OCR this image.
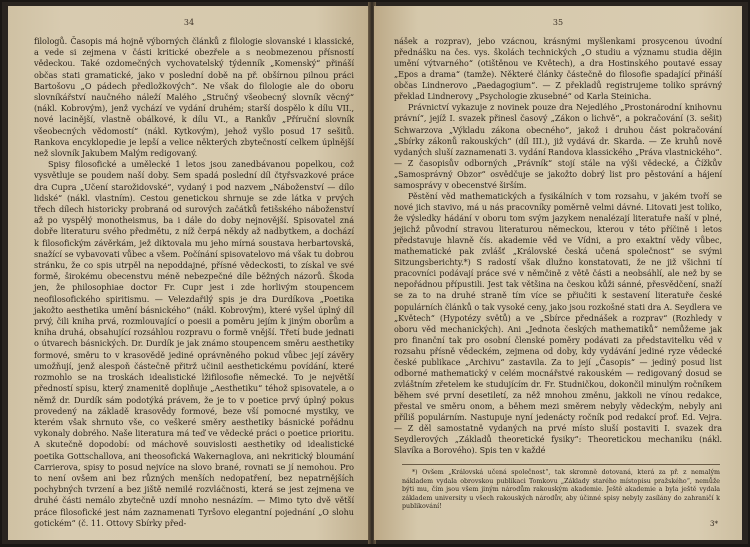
34

filologů. Časopis má hojně výborných článků z filologie slovanské i klassické, a vede si zejmena v části kritické obezřele a s neobmezenou přísností vědeckou. Také ozdomečných vychovatelský týdenník „Komenský“ přináší občas stati gramatické, jako v poslední době na př. obšírnou pilnou práci Bartošovu „O pádech předložkových“. Ne však do filologie ale do oboru slovníkářství naučného náleží Malého „Stručný všeobecný slovník věcný“ (nákl. Kobrovým), jenž vychází ve vydání druhém; starší dospělo k dílu VII., nové lacinější, vlastně obálkové, k dílu VI., a Rankův „Příruční slovník všeobecných vědomostí“ (nákl. Kytkovým), jehož vyšlo posud 17 sešitů. Rankova encyklopedie je lepší a velice některých zbytečností celkem úplnější než slovník Jakubem Malým redigovaný.

Spisy filosofické a umělecké 1 letos jsou zanedbávanou popelkou, což vysvětluje se poudem naší doby. Sem spadá poslední díl čtyřsvazkové práce dra Cupra „Učení starožidovské“, vydaný i pod nazvem „Náboženství — dílo lidské“ (nákl. vlastním). Cestou genetickou shrnuje se zde látka v prvých třech dílech historicky probraná od surových začátků fetišského náboženství až po vyspělý monotheismus, ba i dále do doby nejnovější. Spisovatel zná dobře literaturu svého předmětu, z níž čerpá někdy až nadbytkem, a dochází k filosofickým závěrkám, jež diktovala mu jeho mírná soustava herbartovská, snažící se vybavovati vůbec a všem. Počínání spisovatelovo má však tu dobrou stránku, že co spis utrpěl na nepoddajné, přísné vědeckosti, to získal ve své formě, širokému obecenstvu méně nebezpečné díle běžných názorů. Škoda jen, že philosophiae doctor Fr. Cupr jest i zde horlivým stoupencem neofilosofického spiritismu. — Velezdařilý spis je dra Durdíkova „Poetika jakožto aesthetika umění básnického“ (nákl. Kobrovým), které vyšel úplný díl prvý, čili kniha prvá, rozmlouvající o poesii a poměru jejím k jiným oborům a kniha druhá, obsahující rozsáhlou rozpravu o formě vnější. Třetí bude jednati o útvarech básnických. Dr. Durdík je jak známo stoupencem směru aesthetiky formové, směru to v krasovědě jediné oprávněného pokud vůbec její závěry umožňují, jenž alespoň částečně přitrž učinil aesthetickému povídání, které rozmohlo se na troskách idealistické lžifilosofie německé. To je největší předností spisu, který znamenitě doplňuje „Aesthetiku“ téhož spisovatele, a o němž dr. Durdík sám podotýká právem, že je to v poetice prvý úplný pokus provedený na základě krasovědy formové, beze vší pomocné mystiky, ve kterém však shrnuto vše, co veškeré směry aesthetiky básnické pořádnu vykonaly dobrého. Naše literatura má teď ve vědecké práci o poetice prioritu. A skutečně dopodobí: od máchově souvislosti aesthetiky od idealistické poetika Gottschallova, ani theosofická Wakernaglova, ani nekritický bloumání Carrierova, spisy to posud nejvíce na slovo brané, rovnati se jí nemohou. Pro to není ovšem ani bez různých menších nedopatření, bez nepatrnějších pochybných tvrzení a bez jiště nemilé rozvláčnosti, která se jest zejmena ve druhé části nemálo zbytečně uzdí mnoho nesnázím. — Mimo tyto dvě větší práce filosofické jest nám zaznamenati Tyršovo elegantní pojednání „O slohu gotickém“ (č. 11. Ottovy Sbírky před-

35

nášek a rozprav), jebo vzácnou, krásnými myšlenkami prosycenou úvodní přednášku na čes. vys. školách technických „O studiu a významu studia dějin umění výtvarného“ (otištěnou ve Květech), a dra Hostinského poutavé essay „Epos a drama“ (tamže). Některé články částečně do filosofie spadající přináší občas Lindnerovo „Paedagogium“. — Z překladů registrujeme toliko správný překlad Lindnerovy „Psychologie zkusebné“ od Karla Steinicha.

Právnictví vykazuje z novinek pouze dra Nejedlého „Prostonárodní knihovnu právní“, jejíž I. svazek přinesl časový „Zákon o lichvě“, a pokračování (3. sešit) Schwarzova „Výkladu zákona obecného“, jakož i druhou část pokračování „Sbírky zákonů rakouských“ (díl III.), již vydává dr. Skarda. — Ze kruhů nově vydaných sluší zaznamenati 3. vydání Randova klassického „Práva vlastnického“. — Z časopisův odborných „Právník“ stojí stále na výši vědecké, a Čížkův „Samosprávný Obzor“ osvědčuje se jakožto dobrý list pro pěstování a hájení samosprávy v obecenstvé širším.

Pěstění věd mathematických a fysikálních v tom rozsahu, v jakém tvoří se nové jich stavivo, má u nás pracovníky poměrně velmi dávné. Litovati jest toliko, že výsledky hádání v oboru tom svým jazykem nenalézají literatuře naší v plné, jejichž původní stravou literaturou německou, kterou v této příčině i letos představuje hlavně čís. akademie věd ve Vídni, a pro exaktní vědy vůbec, mathematické pak zvlášť „Královské česká učená společnost“ se svými Sitzungsberichty.*) S radostí však dlužno konstatovati, že ne již všichni tí pracovníci podávají práce své v němčině z větě části a neobsáhlí, ale než by se nepořádnou přípustili. Jest tak většina na českou kůži sánné, přesvědčení, snaží se za to na druhé straně tím více se přiučiti k sestavení literatuře české populárních článků o tak vysoké ceny, jako jsou rozkošné stati dra A. Seydlera ve „Květech“ (Hypotézy světů) a ve „Sbírce přednášek a rozprav“ (Rozhledy v oboru věd mechanických). Ani „Jednota českých mathematiků“ nemůžeme jak pro finanční tak pro osobní členské poměry podávati za představitelku věd v rozsahu přísně vědeckém, zejmena od doby, kdy vydávání jediné ryze vědecké české publikace „Archivu“ zastavila. Za to její „Časopis“ — jediný posud list odborné mathematický v celém mocnářstvé rakouském — redigovaný dosud se zvláštním zřetelem ke studujícím dr. Fr. Studničkou, dokončil minulým ročníkem během své první desetiletí, za něž mnohou změnu, jakkoli ne vínou redakce, přestal ve směru onom, a během mezi směrem nebyly vědeckým, nebyly ani příliš populárním. Nastupuje nyní jedenácty ročník pod redakcí prof. Ed. Vejra. — Z děl samostatně vydaných na prvé místo sluší postaviti I. svazek dra Seydlerových „Základů theoretické fysiky“: Theoretickou mechaniku (nákl. Slavíka a Borového). Spis ten v každé

*) Ovšem „Královská učená společnost“, tak skromně dotovaná, která za př. z nemalým nákladem vydala obrovskou publikaci Tomkovu „Základy starého místopisu pražského“, nemůže býti mu, čím jsou všem jiným národům rakouským akademie. Ještě akademie a byla ještě vydala základem university u všech rakouských národův, aby účinné spisy nebyly zasílány do zahraničí k publikování!

3*
